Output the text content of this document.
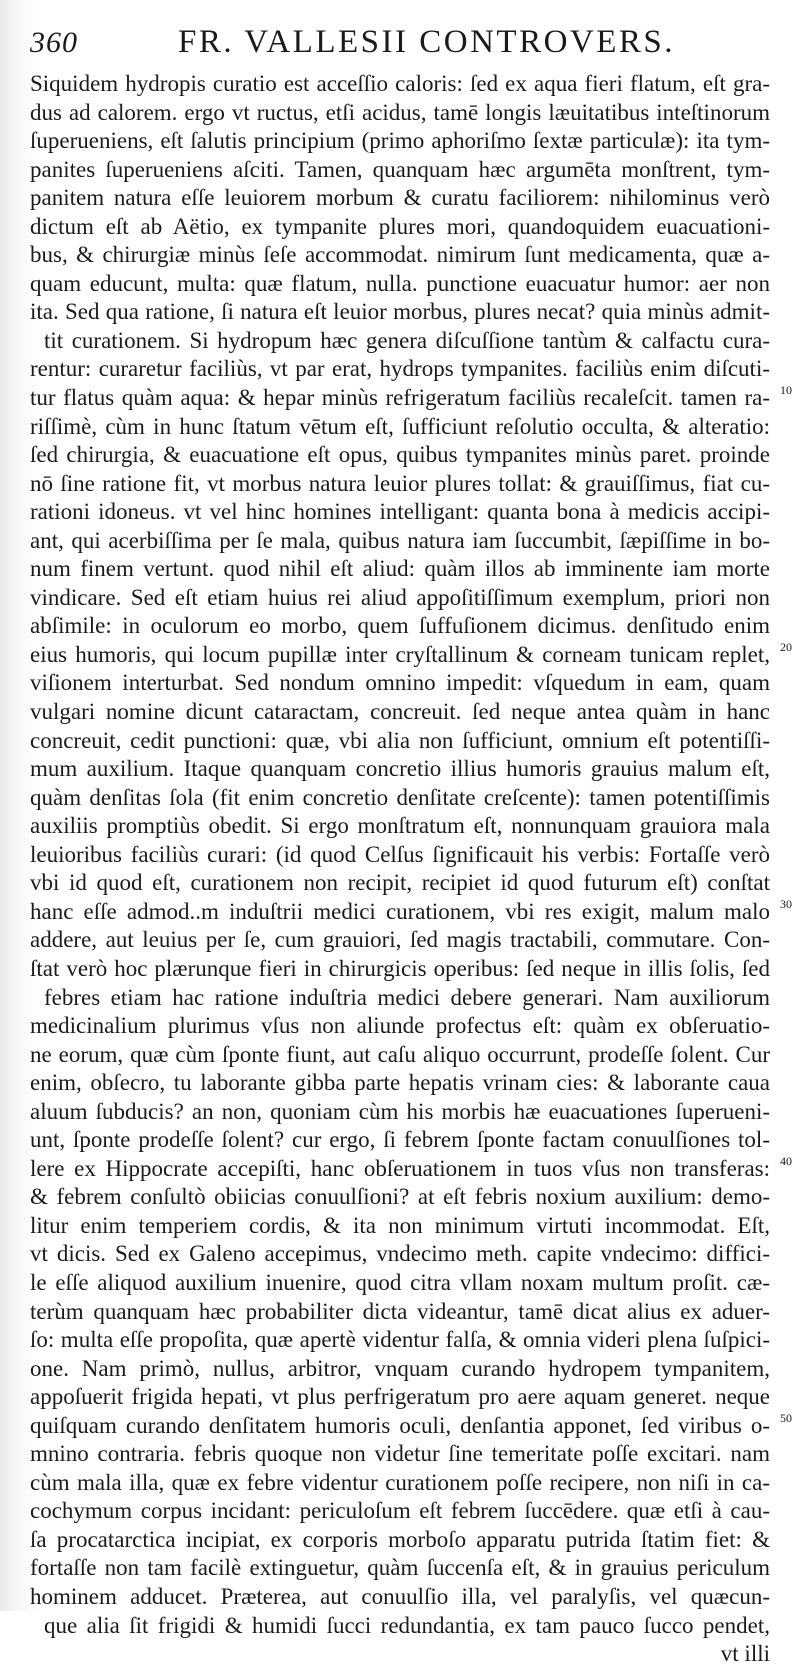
360	FR. VALLESII CONTROVERS.
Siquidem hydropis curatio est acceſſio caloris: ſed ex aqua fieri flatum, eſt gra-
dus ad calorem. ergo vt ructus, etſi acidus, tamē longis læuitatibus inteſtinorum
ſuperueniens, eſt ſalutis principium (primo aphoriſmo ſextæ particulæ): ita tym-
panites ſuperueniens aſciti. Tamen, quanquam hæc argumēta monſtrent, tym-
panitem natura eſſe leuiorem morbum & curatu faciliorem: nihilominus verò
dictum eſt ab Aëtio, ex tympanite plures mori, quandoquidem euacuationi-
bus, & chirurgiæ minùs ſeſe accommodat. nimirum ſunt medicamenta, quæ a-
quam educunt, multa: quæ flatum, nulla. punctione euacuatur humor: aer non
ita. Sed qua ratione, ſi natura eſt leuior morbus, plures necat? quia minùs admit-
tit curationem. Si hydropum hæc genera diſcuſſione tantùm & calfactu cura-
rentur: curaretur faciliùs, vt par erat, hydrops tympanites. faciliùs enim diſcuti-
tur flatus quàm aqua: & hepar minùs refrigeratum faciliùs recaleſcit. tamen ra-
riſſimè, cùm in hunc ſtatum vētum eſt, ſufficiunt reſolutio occulta, & alteratio:
ſed chirurgia, & euacuatione eſt opus, quibus tympanites minùs paret. proinde
nō ſine ratione fit, vt morbus natura leuior plures tollat: & grauiſſimus, fiat cu-
rationi idoneus. vt vel hinc homines intelligant: quanta bona à medicis accipi-
ant, qui acerbiſſima per ſe mala, quibus natura iam ſuccumbit, ſæpiſſime in bo-
num finem vertunt. quod nihil eſt aliud: quàm illos ab imminente iam morte
vindicare. Sed eſt etiam huius rei aliud appoſitiſſimum exemplum, priori non
abſimile: in oculorum eo morbo, quem ſuffuſionem dicimus. denſitudo enim
eius humoris, qui locum pupillæ inter cryſtallinum & corneam tunicam replet,
viſionem interturbat. Sed nondum omnino impedit: vſquedum in eam, quam
vulgari nomine dicunt cataractam, concreuit. ſed neque antea quàm in hanc
concreuit, cedit punctioni: quæ, vbi alia non ſufficiunt, omnium eſt potentiſſi-
mum auxilium. Itaque quanquam concretio illius humoris grauius malum eſt,
quàm denſitas ſola (fit enim concretio denſitate creſcente): tamen potentiſſimis
auxiliis promptiùs obedit. Si ergo monſtratum eſt, nonnunquam grauiora mala
leuioribus faciliùs curari: (id quod Celſus ſignificauit his verbis: Fortaſſe verò
vbi id quod eſt, curationem non recipit, recipiet id quod futurum eſt) conſtat
hanc eſſe admod..m induſtrii medici curationem, vbi res exigit, malum malo
addere, aut leuius per ſe, cum grauiori, ſed magis tractabili, commutare. Con-
ſtat verò hoc plærunque fieri in chirurgicis operibus: ſed neque in illis ſolis, ſed
febres etiam hac ratione induſtria medici debere generari. Nam auxiliorum
medicinalium plurimus vſus non aliunde profectus eſt: quàm ex obſeruatio-
ne eorum, quæ cùm ſponte fiunt, aut caſu aliquo occurrunt, prodeſſe ſolent. Cur
enim, obſecro, tu laborante gibba parte hepatis vrinam cies: & laborante caua
aluum ſubducis? an non, quoniam cùm his morbis hæ euacuationes ſuperueni-
unt, ſponte prodeſſe ſolent? cur ergo, ſi febrem ſponte factam conuulſiones tol-
lere ex Hippocrate accepiſti, hanc obſeruationem in tuos vſus non transferas:
& febrem conſultò obiicias conuulſioni? at eſt febris noxium auxilium: demo-
litur enim temperiem cordis, & ita non minimum virtuti incommodat. Eſt,
vt dicis. Sed ex Galeno accepimus, vndecimo meth. capite vndecimo: diffici-
le eſſe aliquod auxilium inuenire, quod citra vllam noxam multum proſit. cæ-
terùm quanquam hæc probabiliter dicta videantur, tamē dicat alius ex aduer-
ſo: multa eſſe propoſita, quæ apertè videntur falſa, & omnia videri plena ſuſpici-
one. Nam primò, nullus, arbitror, vnquam curando hydropem tympanitem,
appoſuerit frigida hepati, vt plus perfrigeratum pro aere aquam generet. neque
quiſquam curando denſitatem humoris oculi, denſantia apponet, ſed viribus o-
mnino contraria. febris quoque non videtur ſine temeritate poſſe excitari. nam
cùm mala illa, quæ ex febre videntur curationem poſſe recipere, non niſi in ca-
cochymum corpus incidant: periculoſum eſt febrem ſuccēdere. quæ etſi à cau-
ſa procatarctica incipiat, ex corporis morboſo apparatu putrida ſtatim fiet: &
fortaſſe non tam facilè extinguetur, quàm ſuccenſa eſt, & in grauius periculum
hominem adducet. Præterea, aut conuulſio illa, vel paralyſis, vel quæcun-
que alia ſit frigidi & humidi ſucci redundantia, ex tam pauco ſucco pendet,
vt illi
10
20
30
40
50
